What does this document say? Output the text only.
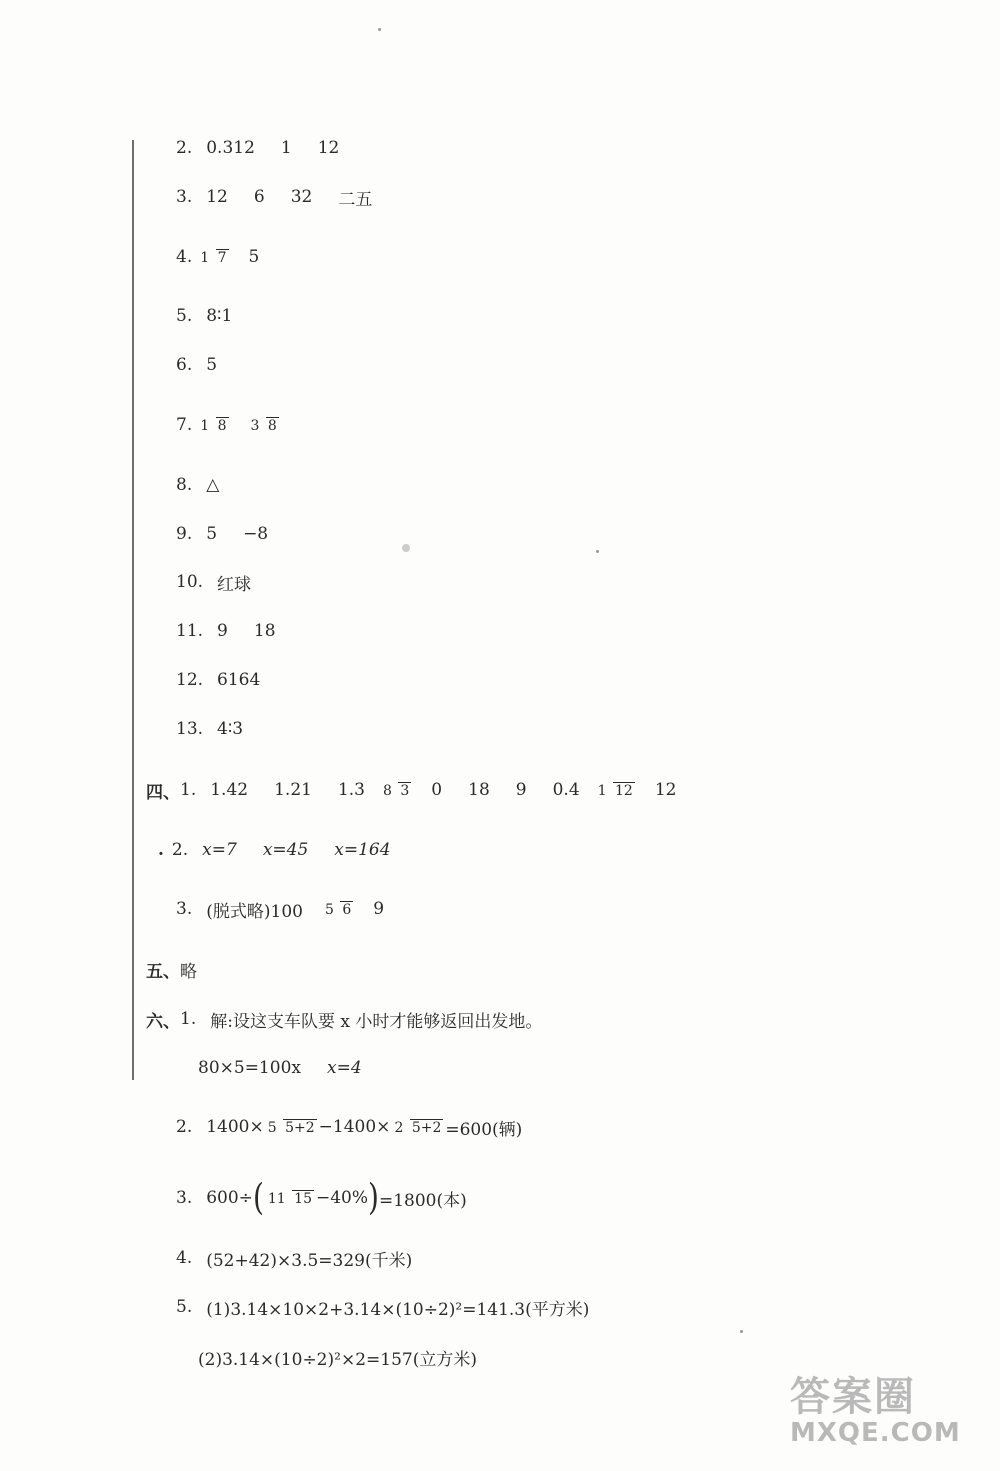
2. 0.312 1 12
3. 12 6 32 二五
4. 1 7 5
5. 8∶1
6. 5
7. 1 8 3 8
8. △
9. 5 −8
10. 红球
11. 9 18
12. 6164
13. 4∶3
四、 1. 1.42 1.21 1.3 8 3 0 18 9 0.4 1 12 12
. 2. x=7 x=45 x=164
3. (脱式略)100 5 6 9
五、 略
六、 1. 解:设这支车队要 x 小时才能够返回出发地。
80×5=100x x=4
2. 1400× 5 5+2 −1400× 2 5+2 =600(辆)
3. 600÷ ( 11 15 −40% ) =1800(本)
4. (52+42)×3.5=329(千米)
5. (1)3.14×10×2+3.14×(10÷2)²=141.3(平方米)
(2)3.14×(10÷2)²×2=157(立方米)
答案圈
MXQE.COM
